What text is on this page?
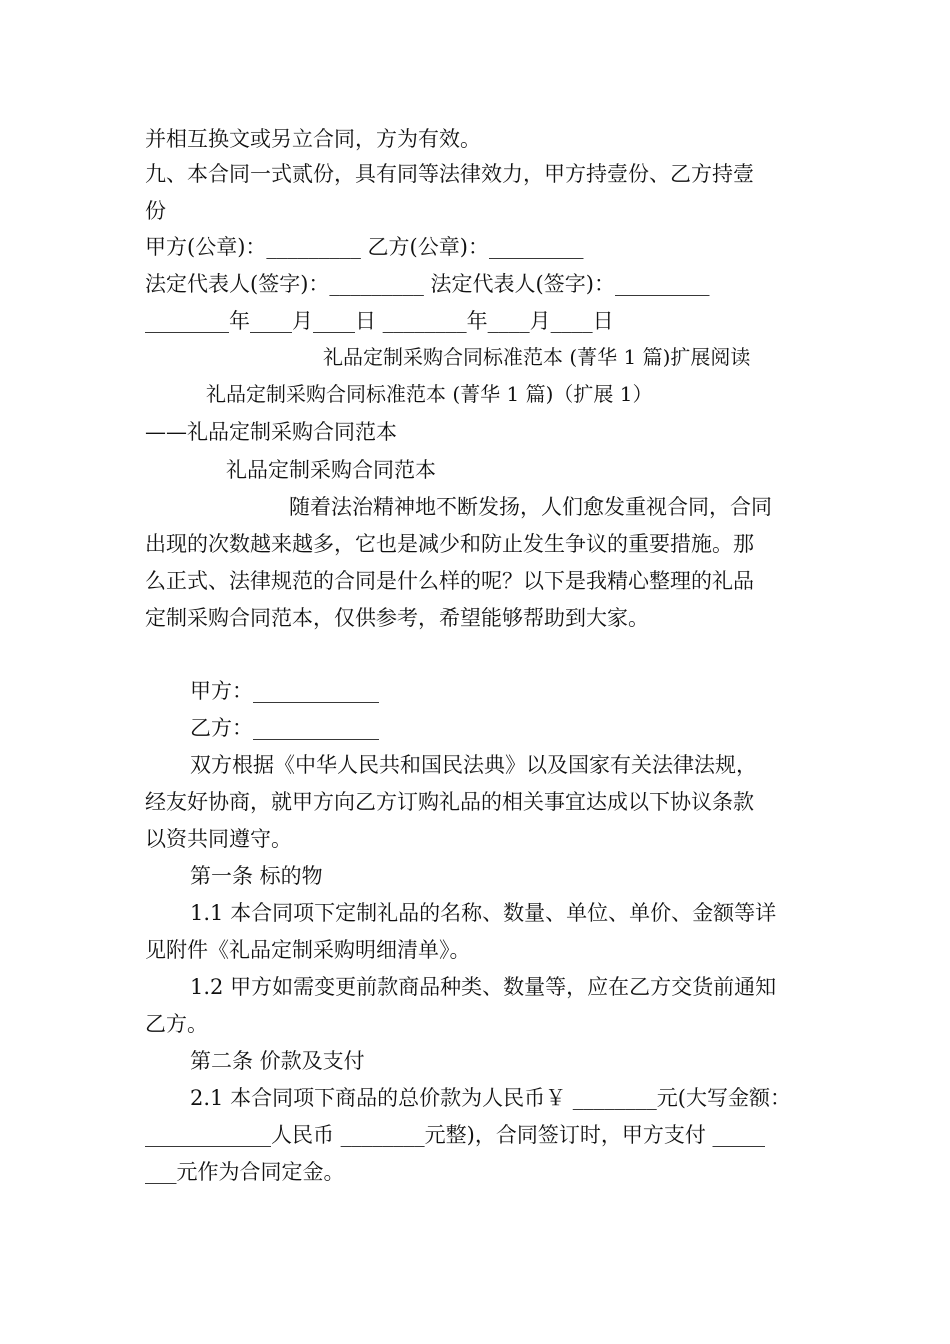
并相互换文或另立合同，方为有效。
九、本合同一式贰份，具有同等法律效力，甲方持壹份、乙方持壹
份
甲方(公章)：_________ 乙方(公章)：_________
法定代表人(签字)：_________ 法定代表人(签字)：_________
________年____月____日 ________年____月____日
礼品定制采购合同标准范本 (菁华 1 篇)扩展阅读
礼品定制采购合同标准范本 (菁华 1 篇)（扩展 1）
——礼品定制采购合同范本
礼品定制采购合同范本
随着法治精神地不断发扬，人们愈发重视合同，合同
出现的次数越来越多，它也是减少和防止发生争议的重要措施。那
么正式、法律规范的合同是什么样的呢？以下是我精心整理的礼品
定制采购合同范本，仅供参考，希望能够帮助到大家。
甲方：____________
乙方：____________
双方根据《中华人民共和国民法典》以及国家有关法律法规，
经友好协商，就甲方向乙方订购礼品的相关事宜达成以下协议条款
以资共同遵守。
第一条 标的物
1.1 本合同项下定制礼品的名称、数量、单位、单价、金额等详
见附件《礼品定制采购明细清单》。
1.2 甲方如需变更前款商品种类、数量等，应在乙方交货前通知
乙方。
第二条 价款及支付
2.1 本合同项下商品的总价款为人民币￥ ________元(大写金额：
____________人民币 ________元整)，合同签订时，甲方支付 _____
___元作为合同定金。
